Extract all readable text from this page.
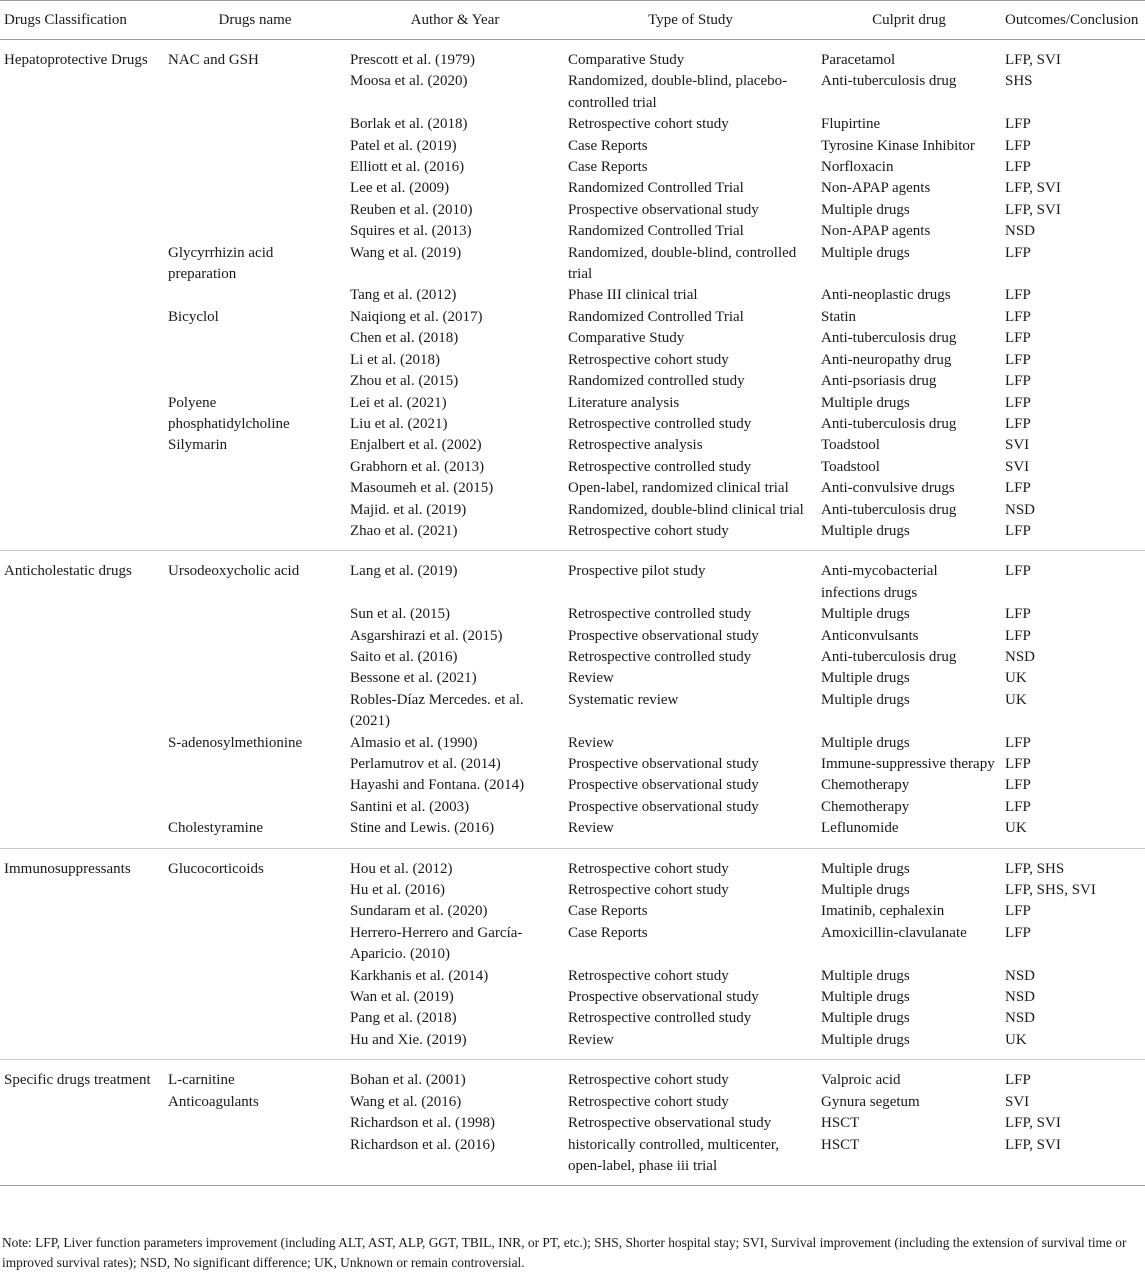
Drugs Classification	Drugs name	Author & Year	Type of Study	Culprit drug	Outcomes/Conclusion
Hepatoprotective Drugs	NAC and GSH	Prescott et al. (1979)	Comparative Study	Paracetamol	LFP, SVI
		Moosa et al. (2020)	Randomized, double-blind, placebo-controlled trial	Anti-tuberculosis drug	SHS
		Borlak et al. (2018)	Retrospective cohort study	Flupirtine	LFP
		Patel et al. (2019)	Case Reports	Tyrosine Kinase Inhibitor	LFP
		Elliott et al. (2016)	Case Reports	Norfloxacin	LFP
		Lee et al. (2009)	Randomized Controlled Trial	Non-APAP agents	LFP, SVI
		Reuben et al. (2010)	Prospective observational study	Multiple drugs	LFP, SVI
		Squires et al. (2013)	Randomized Controlled Trial	Non-APAP agents	NSD
	Glycyrrhizin acid preparation	Wang et al. (2019)	Randomized, double-blind, controlled trial	Multiple drugs	LFP
		Tang et al. (2012)	Phase III clinical trial	Anti-neoplastic drugs	LFP
	Bicyclol	Naiqiong et al. (2017)	Randomized Controlled Trial	Statin	LFP
		Chen et al. (2018)	Comparative Study	Anti-tuberculosis drug	LFP
		Li et al. (2018)	Retrospective cohort study	Anti-neuropathy drug	LFP
		Zhou et al. (2015)	Randomized controlled study	Anti-psoriasis drug	LFP
	Polyene	Lei et al. (2021)	Literature analysis	Multiple drugs	LFP
	phosphatidylcholine	Liu et al. (2021)	Retrospective controlled study	Anti-tuberculosis drug	LFP
	Silymarin	Enjalbert et al. (2002)	Retrospective analysis	Toadstool	SVI
		Grabhorn et al. (2013)	Retrospective controlled study	Toadstool	SVI
		Masoumeh et al. (2015)	Open-label, randomized clinical trial	Anti-convulsive drugs	LFP
		Majid. et al. (2019)	Randomized, double-blind clinical trial	Anti-tuberculosis drug	NSD
		Zhao et al. (2021)	Retrospective cohort study	Multiple drugs	LFP
Anticholestatic drugs	Ursodeoxycholic acid	Lang et al. (2019)	Prospective pilot study	Anti-mycobacterial infections drugs	LFP
		Sun et al. (2015)	Retrospective controlled study	Multiple drugs	LFP
		Asgarshirazi et al. (2015)	Prospective observational study	Anticonvulsants	LFP
		Saito et al. (2016)	Retrospective controlled study	Anti-tuberculosis drug	NSD
		Bessone et al. (2021)	Review	Multiple drugs	UK
		Robles-Díaz Mercedes. et al. (2021)	Systematic review	Multiple drugs	UK
	S-adenosylmethionine	Almasio et al. (1990)	Review	Multiple drugs	LFP
		Perlamutrov et al. (2014)	Prospective observational study	Immune-suppressive therapy	LFP
		Hayashi and Fontana. (2014)	Prospective observational study	Chemotherapy	LFP
		Santini et al. (2003)	Prospective observational study	Chemotherapy	LFP
	Cholestyramine	Stine and Lewis. (2016)	Review	Leflunomide	UK
Immunosuppressants	Glucocorticoids	Hou et al. (2012)	Retrospective cohort study	Multiple drugs	LFP, SHS
		Hu et al. (2016)	Retrospective cohort study	Multiple drugs	LFP, SHS, SVI
		Sundaram et al. (2020)	Case Reports	Imatinib, cephalexin	LFP
		Herrero-Herrero and García-Aparicio. (2010)	Case Reports	Amoxicillin-clavulanate	LFP
		Karkhanis et al. (2014)	Retrospective cohort study	Multiple drugs	NSD
		Wan et al. (2019)	Prospective observational study	Multiple drugs	NSD
		Pang et al. (2018)	Retrospective controlled study	Multiple drugs	NSD
		Hu and Xie. (2019)	Review	Multiple drugs	UK
Specific drugs treatment	L-carnitine	Bohan et al. (2001)	Retrospective cohort study	Valproic acid	LFP
	Anticoagulants	Wang et al. (2016)	Retrospective cohort study	Gynura segetum	SVI
		Richardson et al. (1998)	Retrospective observational study	HSCT	LFP, SVI
		Richardson et al. (2016)	historically controlled, multicenter, open-label, phase iii trial	HSCT	LFP, SVI
Note: LFP, Liver function parameters improvement (including ALT, AST, ALP, GGT, TBIL, INR, or PT, etc.); SHS, Shorter hospital stay; SVI, Survival improvement (including the extension of survival time or improved survival rates); NSD, No significant difference; UK, Unknown or remain controversial.
